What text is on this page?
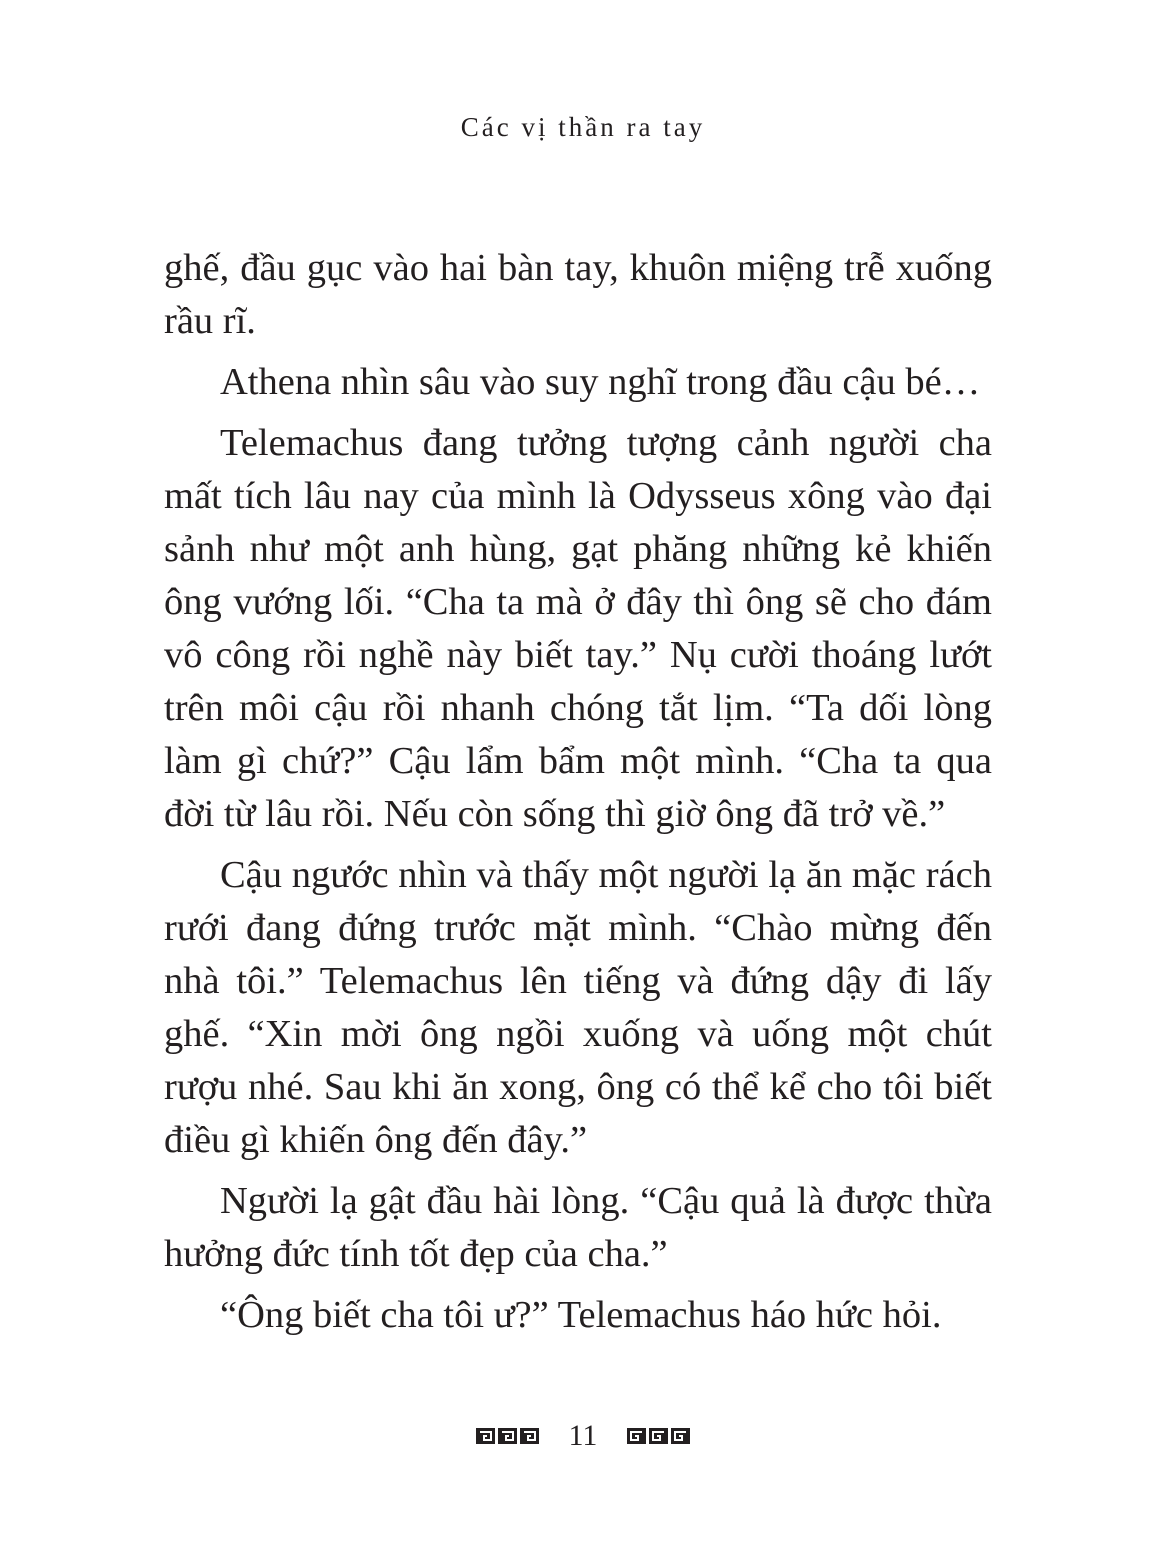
Các vị thần ra tay

ghế, đầu gục vào hai bàn tay, khuôn miệng trễ xuống rầu rĩ.

Athena nhìn sâu vào suy nghĩ trong đầu cậu bé…

Telemachus đang tưởng tượng cảnh người cha mất tích lâu nay của mình là Odysseus xông vào đại sảnh như một anh hùng, gạt phăng những kẻ khiến ông vướng lối. “Cha ta mà ở đây thì ông sẽ cho đám vô công rồi nghề này biết tay.” Nụ cười thoáng lướt trên môi cậu rồi nhanh chóng tắt lịm. “Ta dối lòng làm gì chứ?” Cậu lẩm bẩm một mình. “Cha ta qua đời từ lâu rồi. Nếu còn sống thì giờ ông đã trở về.”

Cậu ngước nhìn và thấy một người lạ ăn mặc rách rưới đang đứng trước mặt mình. “Chào mừng đến nhà tôi.” Telemachus lên tiếng và đứng dậy đi lấy ghế. “Xin mời ông ngồi xuống và uống một chút rượu nhé. Sau khi ăn xong, ông có thể kể cho tôi biết điều gì khiến ông đến đây.”

Người lạ gật đầu hài lòng. “Cậu quả là được thừa hưởng đức tính tốt đẹp của cha.”

“Ông biết cha tôi ư?” Telemachus háo hức hỏi.

11
